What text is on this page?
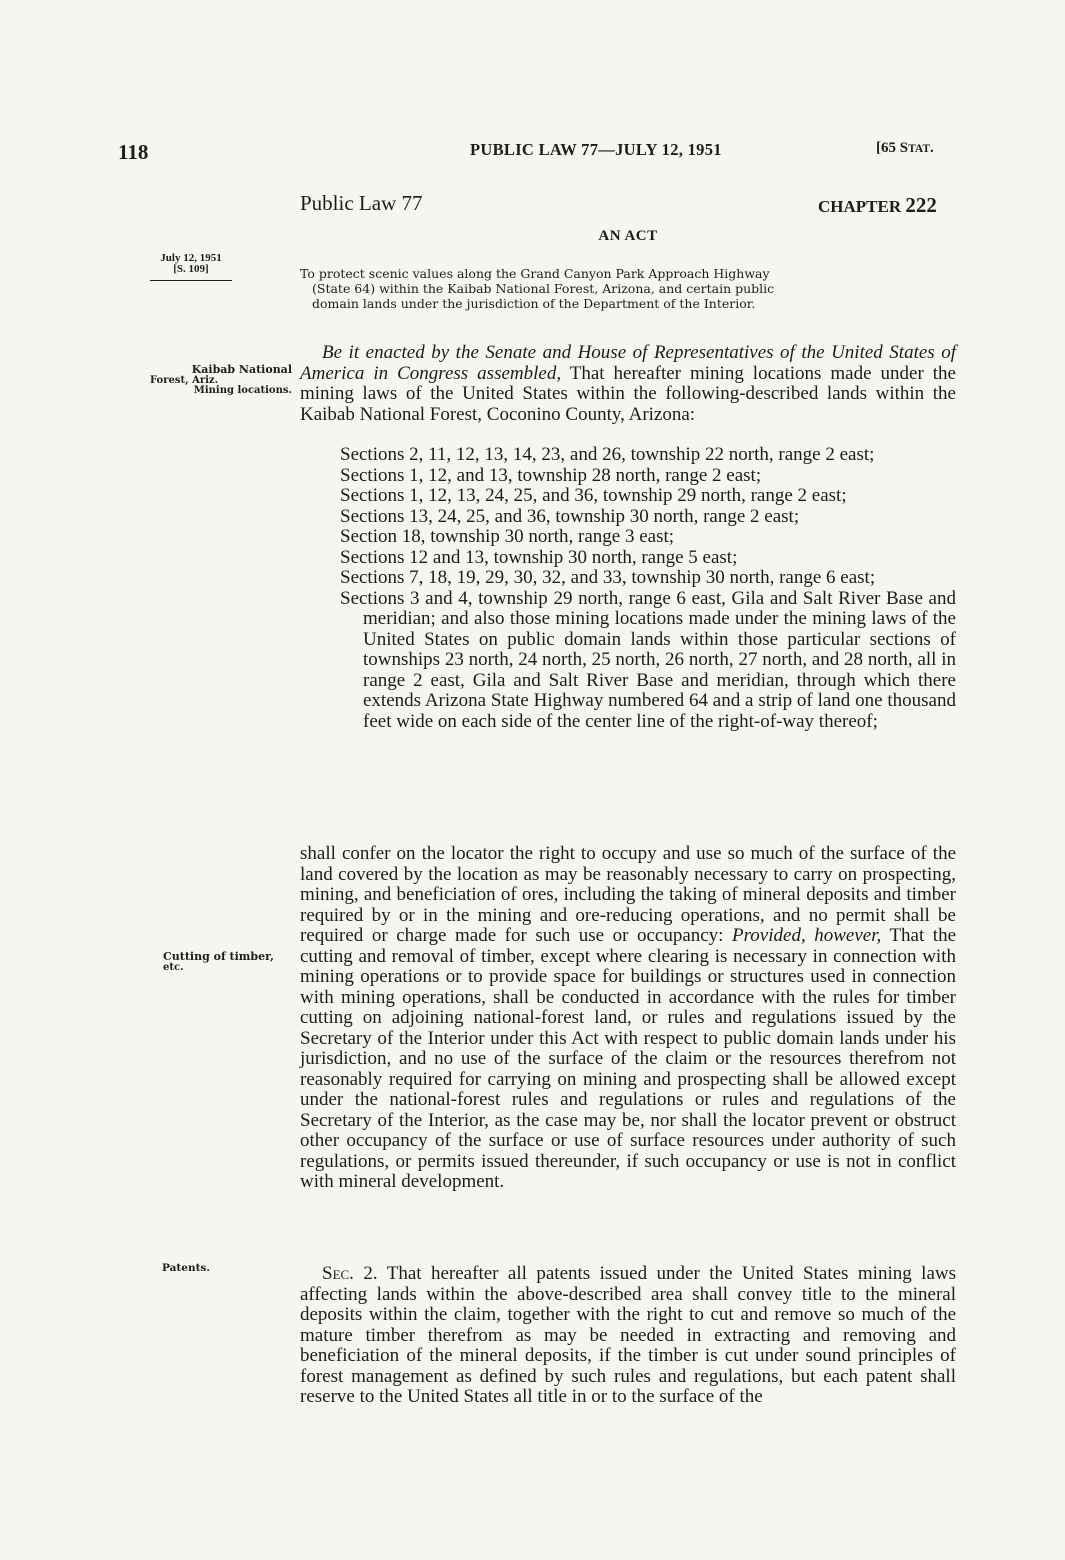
118	PUBLIC LAW 77—JULY 12, 1951	[65 STAT.
Public Law 77	CHAPTER 222
AN ACT
July 12, 1951
[S. 109]	To protect scenic values along the Grand Canyon Park Approach Highway
(State 64) within the Kaibab National Forest, Arizona, and certain public
domain lands under the jurisdiction of the Department of the Interior.
Kaibab National
Forest, Ariz.
Mining locations.
Cutting of timber,
etc.
Patents.
Be it enacted by the Senate and House of Representatives of the United States of America in Congress assembled, That hereafter mining locations made under the mining laws of the United States within the following-described lands within the Kaibab National Forest, Coconino County, Arizona:
Sections 2, 11, 12, 13, 14, 23, and 26, township 22 north, range 2 east;
Sections 1, 12, and 13, township 28 north, range 2 east;
Sections 1, 12, 13, 24, 25, and 36, township 29 north, range 2 east;
Sections 13, 24, 25, and 36, township 30 north, range 2 east;
Section 18, township 30 north, range 3 east;
Sections 12 and 13, township 30 north, range 5 east;
Sections 7, 18, 19, 29, 30, 32, and 33, township 30 north, range 6 east;
Sections 3 and 4, township 29 north, range 6 east, Gila and Salt River Base and meridian; and also those mining locations made under the mining laws of the United States on public domain lands within those particular sections of townships 23 north, 24 north, 25 north, 26 north, 27 north, and 28 north, all in range 2 east, Gila and Salt River Base and meridian, through which there extends Arizona State Highway numbered 64 and a strip of land one thousand feet wide on each side of the center line of the right-of-way thereof;
shall confer on the locator the right to occupy and use so much of the surface of the land covered by the location as may be reasonably necessary to carry on prospecting, mining, and beneficiation of ores, including the taking of mineral deposits and timber required by or in the mining and ore-reducing operations, and no permit shall be required or charge made for such use or occupancy: Provided, however, That the cutting and removal of timber, except where clearing is necessary in connection with mining operations or to provide space for buildings or structures used in connection with mining operations, shall be conducted in accordance with the rules for timber cutting on adjoining national-forest land, or rules and regulations issued by the Secretary of the Interior under this Act with respect to public domain lands under his jurisdiction, and no use of the surface of the claim or the resources therefrom not reasonably required for carrying on mining and prospecting shall be allowed except under the national-forest rules and regulations or rules and regulations of the Secretary of the Interior, as the case may be, nor shall the locator prevent or obstruct other occupancy of the surface or use of surface resources under authority of such regulations, or permits issued thereunder, if such occupancy or use is not in conflict with mineral development.
Sec. 2. That hereafter all patents issued under the United States mining laws affecting lands within the above-described area shall convey title to the mineral deposits within the claim, together with the right to cut and remove so much of the mature timber therefrom as may be needed in extracting and removing and beneficiation of the mineral deposits, if the timber is cut under sound principles of forest management as defined by such rules and regulations, but each patent shall reserve to the United States all title in or to the surface of the
